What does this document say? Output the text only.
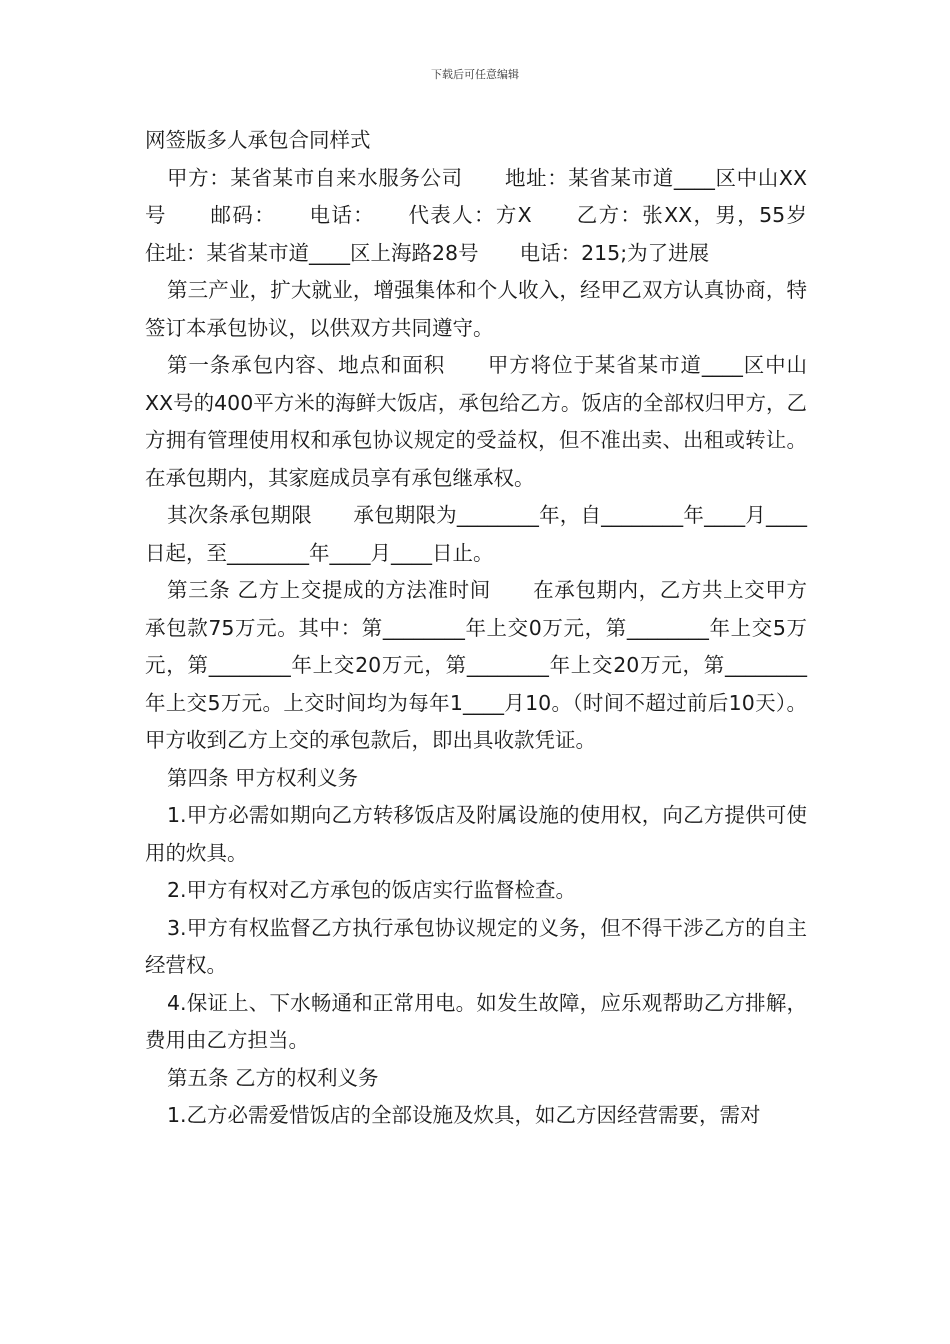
下载后可任意编辑

网签版多人承包合同样式

甲方：某省某市自来水服务公司　　地址：某省某市道____区中山XX号　　邮码：　　电话：　　代表人：方X　　乙方：张XX，男，55岁　　住址：某省某市道____区上海路28号　　电话：215;为了进展

第三产业，扩大就业，增强集体和个人收入，经甲乙双方认真协商，特签订本承包协议，以供双方共同遵守。

第一条承包内容、地点和面积　　甲方将位于某省某市道____区中山XX号的400平方米的海鲜大饭店，承包给乙方。饭店的全部权归甲方，乙方拥有管理使用权和承包协议规定的受益权，但不准出卖、出租或转让。在承包期内，其家庭成员享有承包继承权。

其次条承包期限　　承包期限为________年，自________年____月____日起，至________年____月____日止。

第三条 乙方上交提成的方法准时间　　在承包期内，乙方共上交甲方承包款75万元。其中：第________年上交0万元，第________年上交5万元，第________年上交20万元，第________年上交20万元，第________年上交5万元。上交时间均为每年1____月10。（时间不超过前后10天）。甲方收到乙方上交的承包款后，即出具收款凭证。

第四条 甲方权利义务

1.甲方必需如期向乙方转移饭店及附属设施的使用权，向乙方提供可使用的炊具。

2.甲方有权对乙方承包的饭店实行监督检查。

3.甲方有权监督乙方执行承包协议规定的义务，但不得干涉乙方的自主经营权。

4.保证上、下水畅通和正常用电。如发生故障，应乐观帮助乙方排解，费用由乙方担当。

第五条 乙方的权利义务

1.乙方必需爱惜饭店的全部设施及炊具，如乙方因经营需要，需对
